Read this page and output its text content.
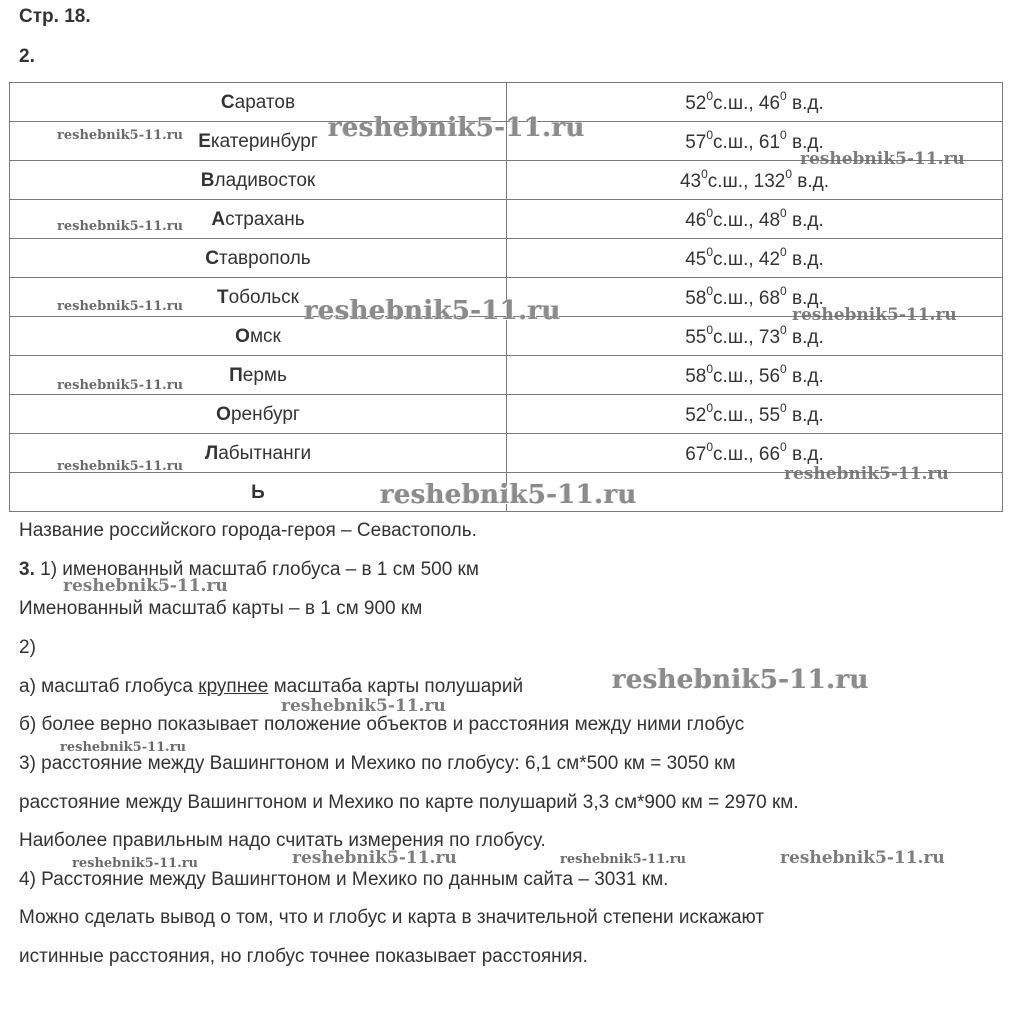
Стр. 18.
2.
Саратов	$52^0с.ш$., $46^0$ в.д.
Екатеринбург	$57^0с.ш$., $61^0$ в.д.
Владивосток	$43^0с.ш$., $132^0$ в.д.
Астрахань	$46^0с.ш$., $48^0$ в.д.
Ставрополь	$45^0с.ш$., $42^0$ в.д.
Тобольск	$58^0с.ш$., $68^0$ в.д.
Омск	$55^0с.ш$., $73^0$ в.д.
Пермь	$58^0с.ш$., $56^0$ в.д.
Оренбург	$52^0с.ш$., $55^0$ в.д.
Лабытнанги	$67^0с.ш$., $66^0$ в.д.
Ь	
Название российского города-героя – Севастополь.
3. 1) именованный масштаб глобуса – в 1 см 500 км
Именованный масштаб карты – в 1 см 900 км
2)
а) масштаб глобуса крупнее масштаба карты полушарий
б) более верно показывает положение объектов и расстояния между ними глобус
3) расстояние между Вашингтоном и Мехико по глобусу: 6,1 см*500 км = 3050 км
расстояние между Вашингтоном и Мехико по карте полушарий 3,3 см*900 км = 2970 км.
Наиболее правильным надо считать измерения по глобусу.
4) Расстояние между Вашингтоном и Мехико по данным сайта – 3031 км.
Можно сделать вывод о том, что и глобус и карта в значительной степени искажают
истинные расстояния, но глобус точнее показывает расстояния.
reshebnik5-11.ru
reshebnik5-11.ru
reshebnik5-11.ru
reshebnik5-11.ru
reshebnik5-11.ru
reshebnik5-11.ru
reshebnik5-11.ru
reshebnik5-11.ru
reshebnik5-11.ru
reshebnik5-11.ru	reshebnik5-11.ru
reshebnik5-11.ru
reshebnik5-11.ru
reshebnik5-11.ru
reshebnik5-11.ru
reshebnik5-11.ru
reshebnik5-11.ru
reshebnik5-11.ru	reshebnik5-11.ru
